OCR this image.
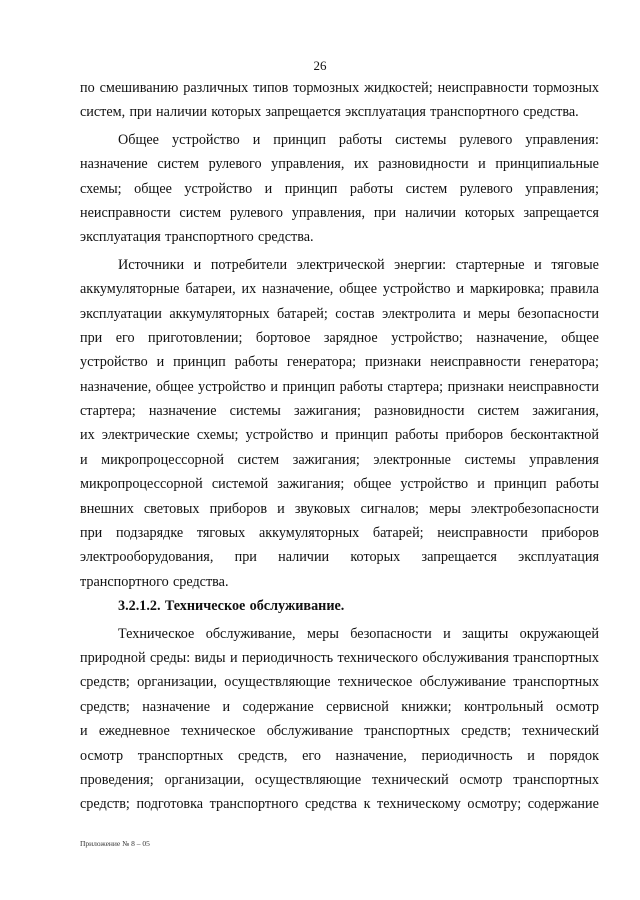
26
по смешиванию различных типов тормозных жидкостей; неисправности тормозных
систем, при наличии которых запрещается эксплуатация транспортного средства.
Общее устройство и принцип работы системы рулевого управления:
назначение систем рулевого управления, их разновидности и принципиальные
схемы; общее устройство и принцип работы систем рулевого управления;
неисправности систем рулевого управления, при наличии которых запрещается
эксплуатация транспортного средства.
Источники и потребители электрической энергии: стартерные и тяговые
аккумуляторные батареи, их назначение, общее устройство и маркировка; правила
эксплуатации аккумуляторных батарей; состав электролита и меры безопасности
при его приготовлении; бортовое зарядное устройство; назначение, общее
устройство и принцип работы генератора; признаки неисправности генератора;
назначение, общее устройство и принцип работы стартера; признаки неисправности
стартера; назначение системы зажигания; разновидности систем зажигания,
их электрические схемы; устройство и принцип работы приборов бесконтактной
и микропроцессорной систем зажигания; электронные системы управления
микропроцессорной системой зажигания; общее устройство и принцип работы
внешних световых приборов и звуковых сигналов; меры электробезопасности
при подзарядке тяговых аккумуляторных батарей; неисправности приборов
электрооборудования, при наличии которых запрещается эксплуатация
транспортного средства.
3.2.1.2. Техническое обслуживание.
Техническое обслуживание, меры безопасности и защиты окружающей
природной среды: виды и периодичность технического обслуживания транспортных
средств; организации, осуществляющие техническое обслуживание транспортных
средств; назначение и содержание сервисной книжки; контрольный осмотр
и ежедневное техническое обслуживание транспортных средств; технический
осмотр транспортных средств, его назначение, периодичность и порядок
проведения; организации, осуществляющие технический осмотр транспортных
средств; подготовка транспортного средства к техническому осмотру; содержание
Приложение № 8 – 05
